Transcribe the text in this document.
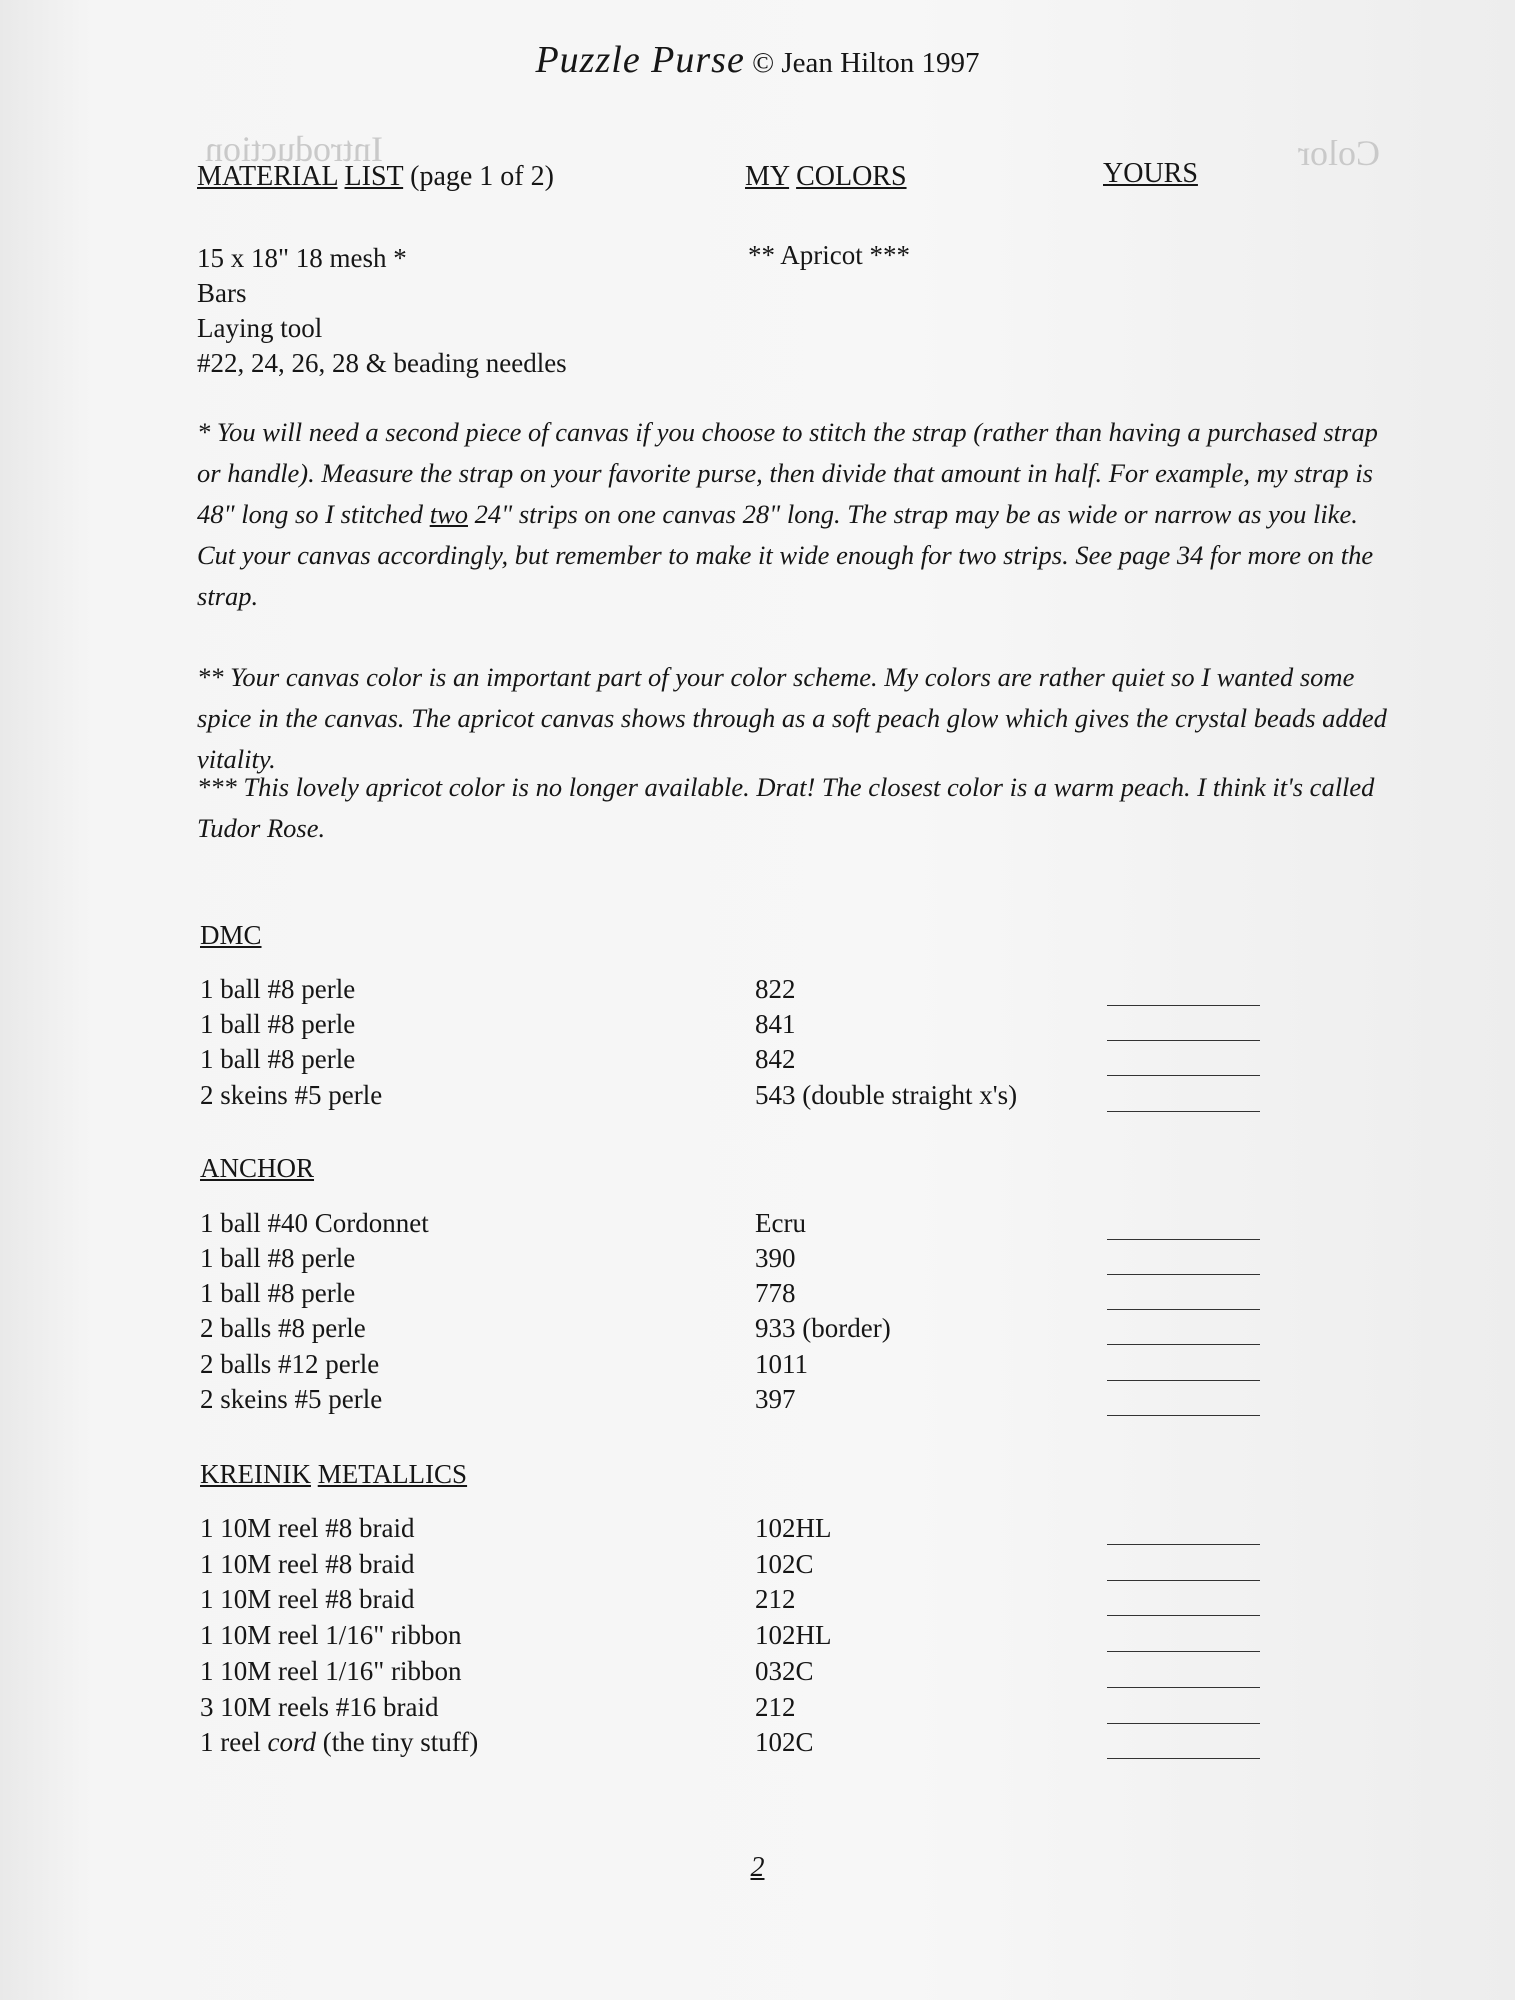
Introduction	Color
Puzzle Purse © Jean Hilton 1997
MATERIAL LIST (page 1 of 2)	MY COLORS	YOURS
15 x 18" 18 mesh *	** Apricot ***
Bars
Laying tool
#22, 24, 26, 28 & beading needles
* You will need a second piece of canvas if you choose to stitch the strap (rather than having a purchased strap or handle). Measure the strap on your favorite purse, then divide that amount in half. For example, my strap is 48" long so I stitched two 24" strips on one canvas 28" long. The strap may be as wide or narrow as you like. Cut your canvas accordingly, but remember to make it wide enough for two strips. See page 34 for more on the strap.
** Your canvas color is an important part of your color scheme. My colors are rather quiet so I wanted some spice in the canvas. The apricot canvas shows through as a soft peach glow which gives the crystal beads added vitality.
*** This lovely apricot color is no longer available. Drat! The closest color is a warm peach. I think it's called Tudor Rose.
DMC
1 ball #8 perle	822
1 ball #8 perle	841
1 ball #8 perle	842
2 skeins #5 perle	543 (double straight x's)
ANCHOR
1 ball #40 Cordonnet	Ecru
1 ball #8 perle	390
1 ball #8 perle	778
2 balls #8 perle	933 (border)
2 balls #12 perle	1011
2 skeins #5 perle	397
KREINIK METALLICS
1 10M reel #8 braid	102HL
1 10M reel #8 braid	102C
1 10M reel #8 braid	212
1 10M reel 1/16" ribbon	102HL
1 10M reel 1/16" ribbon	032C
3 10M reels #16 braid	212
1 reel cord (the tiny stuff)	102C
2
